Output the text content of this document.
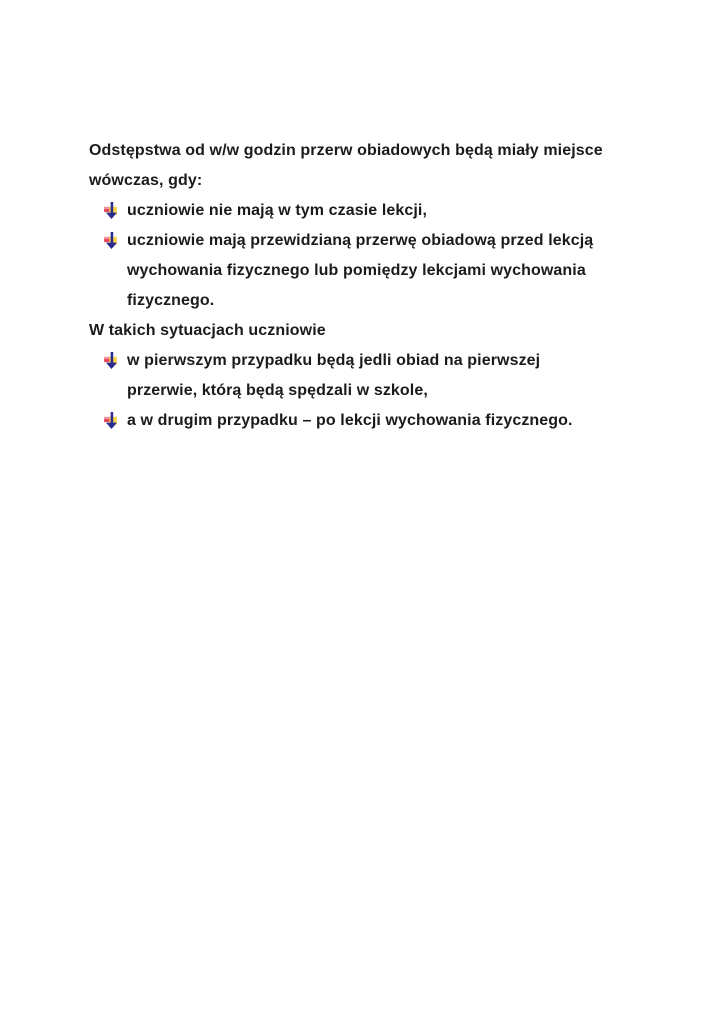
Odstępstwa od w/w godzin przerw obiadowych będą miały miejsce
wówczas, gdy:
uczniowie nie mają w tym czasie lekcji,
uczniowie mają przewidzianą przerwę obiadową przed lekcją
wychowania fizycznego lub pomiędzy lekcjami wychowania
fizycznego.
W takich sytuacjach uczniowie
w pierwszym przypadku będą jedli obiad na pierwszej
przerwie, którą będą spędzali w szkole,
a w drugim przypadku – po lekcji wychowania fizycznego.
